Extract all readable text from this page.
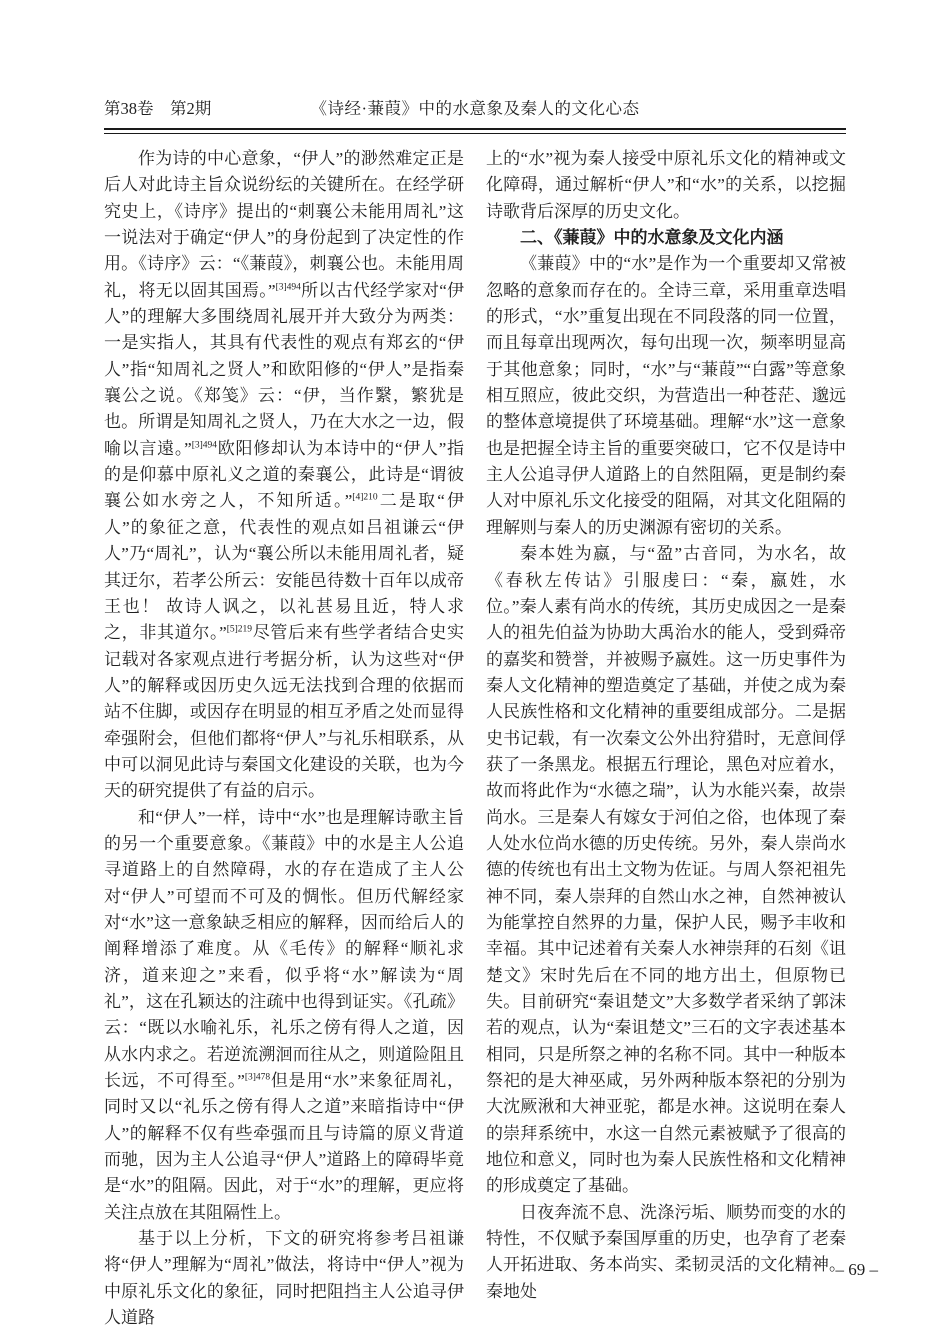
第38卷　第2期	《诗经·蒹葭》中的水意象及秦人的文化心态

作为诗的中心意象，“伊人”的渺然难定正是后人对此诗主旨众说纷纭的关键所在。在经学研究史上，《诗序》提出的“刺襄公未能用周礼”这一说法对于确定“伊人”的身份起到了决定性的作用。《诗序》云：“《蒹葭》，刺襄公也。未能用周礼，将无以固其国焉。”$^{[3]494}$所以古代经学家对“伊人”的理解大多围绕周礼展开并大致分为两类：一是实指人，其具有代表性的观点有郑玄的“伊人”指“知周礼之贤人”和欧阳修的“伊人”是指秦襄公之说。《郑笺》云：“伊，当作繄，繁犹是也。所谓是知周礼之贤人，乃在大水之一边，假喻以言遠。”$^{[3]494}$欧阳修却认为本诗中的“伊人”指的是仰慕中原礼义之道的秦襄公，此诗是“谓彼襄公如水旁之人，不知所适。”$^{[4]210}$二是取“伊人”的象征之意，代表性的观点如吕祖谦云“伊人”乃“周礼”，认为“襄公所以未能用周礼者，疑其迂尔，若孝公所云：安能邑待数十百年以成帝王也！ 故诗人讽之，以礼甚易且近，特人求之，非其道尔。”$^{[5]219}$尽管后来有些学者结合史实记载对各家观点进行考据分析，认为这些对“伊人”的解释或因历史久远无法找到合理的依据而站不住脚，或因存在明显的相互矛盾之处而显得牵强附会，但他们都将“伊人”与礼乐相联系，从中可以洞见此诗与秦国文化建设的关联，也为今天的研究提供了有益的启示。

和“伊人”一样，诗中“水”也是理解诗歌主旨的另一个重要意象。《蒹葭》中的水是主人公追寻道路上的自然障碍，水的存在造成了主人公对“伊人”可望而不可及的惆怅。但历代解经家对“水”这一意象缺乏相应的解释，因而给后人的阐释增添了难度。从《毛传》的解释“顺礼求济，道来迎之”来看，似乎将“水”解读为“周礼”，这在孔颖达的注疏中也得到证实。《孔疏》云：“既以水喻礼乐，礼乐之傍有得人之道，因从水内求之。若逆流溯洄而往从之，则道险阻且长远，不可得至。”$^{[3]478}$但是用“水”来象征周礼，同时又以“礼乐之傍有得人之道”来暗指诗中“伊人”的解释不仅有些牵强而且与诗篇的原义背道而驰，因为主人公追寻“伊人”道路上的障碍毕竟是“水”的阻隔。因此，对于“水”的理解，更应将关注点放在其阻隔性上。

基于以上分析，下文的研究将参考吕祖谦将“伊人”理解为“周礼”做法，将诗中“伊人”视为中原礼乐文化的象征，同时把阻挡主人公追寻伊人道路

上的“水”视为秦人接受中原礼乐文化的精神或文化障碍，通过解析“伊人”和“水”的关系，以挖掘诗歌背后深厚的历史文化。

二、《蒹葭》中的水意象及文化内涵

《蒹葭》中的“水”是作为一个重要却又常被忽略的意象而存在的。全诗三章，采用重章迭唱的形式，“水”重复出现在不同段落的同一位置，而且每章出现两次，每句出现一次，频率明显高于其他意象；同时，“水”与“蒹葭”“白露”等意象相互照应，彼此交织，为营造出一种苍茫、邈远的整体意境提供了环境基础。理解“水”这一意象也是把握全诗主旨的重要突破口，它不仅是诗中主人公追寻伊人道路上的自然阻隔，更是制约秦人对中原礼乐文化接受的阻隔，对其文化阻隔的理解则与秦人的历史渊源有密切的关系。

秦本姓为嬴，与“盈”古音同，为水名，故《春秋左传诂》引服虔曰：“秦，嬴姓，水位。”秦人素有尚水的传统，其历史成因之一是秦人的祖先伯益为协助大禹治水的能人，受到舜帝的嘉奖和赞誉，并被赐予嬴姓。这一历史事件为秦人文化精神的塑造奠定了基础，并使之成为秦人民族性格和文化精神的重要组成部分。二是据史书记载，有一次秦文公外出狩猎时，无意间俘获了一条黑龙。根据五行理论，黑色对应着水，故而将此作为“水德之瑞”，认为水能兴秦，故崇尚水。三是秦人有嫁女于河伯之俗，也体现了秦人处水位尚水德的历史传统。另外，秦人崇尚水德的传统也有出土文物为佐证。与周人祭祀祖先神不同，秦人崇拜的自然山水之神，自然神被认为能掌控自然界的力量，保护人民，赐予丰收和幸福。其中记述着有关秦人水神崇拜的石刻《诅楚文》宋时先后在不同的地方出土，但原物已失。目前研究“秦诅楚文”大多数学者采纳了郭沫若的观点，认为“秦诅楚文”三石的文字表述基本相同，只是所祭之神的名称不同。其中一种版本祭祀的是大神巫咸，另外两种版本祭祀的分别为大沈厥湫和大神亚驼，都是水神。这说明在秦人的崇拜系统中，水这一自然元素被赋予了很高的地位和意义，同时也为秦人民族性格和文化精神的形成奠定了基础。

日夜奔流不息、洗涤污垢、顺势而变的水的特性，不仅赋予秦国厚重的历史，也孕育了老秦人开拓进取、务本尚实、柔韧灵活的文化精神。秦地处

– 69 –
